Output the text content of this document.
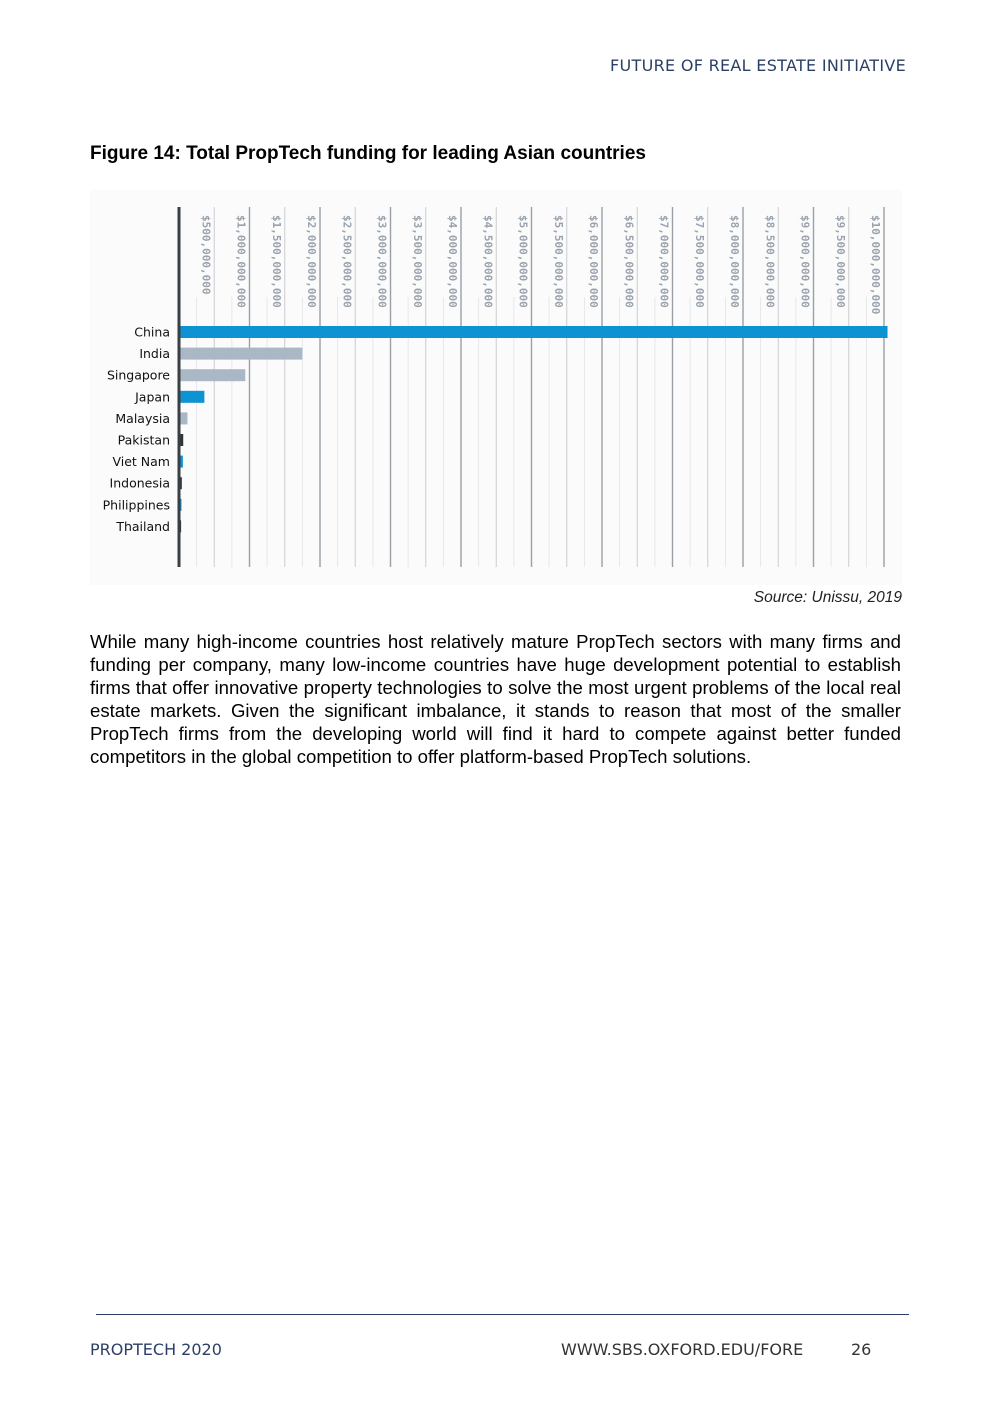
FUTURE OF REAL ESTATE INITIATIVE
Figure 14: Total PropTech funding for leading Asian countries
$500,000,000 $1,000,000,000 $1,500,000,000 $2,000,000,000 $2,500,000,000 $3,000,000,000 $3,500,000,000 $4,000,000,000 $4,500,000,000 $5,000,000,000 $5,500,000,000 $6,000,000,000 $6,500,000,000 $7,000,000,000 $7,500,000,000 $8,000,000,000 $8,500,000,000 $9,000,000,000 $9,500,000,000 $10,000,000,000
China
India
Singapore
Japan
Malaysia
Pakistan
Viet Nam
Indonesia
Philippines
Thailand
Source: Unissu, 2019
While many high-income countries host relatively mature PropTech sectors with many firms and funding per company, many low-income countries have huge development potential to establish firms that offer innovative property technologies to solve the most urgent problems of the local real estate markets. Given the significant imbalance, it stands to reason that most of the smaller PropTech firms from the developing world will find it hard to compete against better funded competitors in the global competition to offer platform-based PropTech solutions.
PROPTECH 2020	WWW.SBS.OXFORD.EDU/FORE	26
